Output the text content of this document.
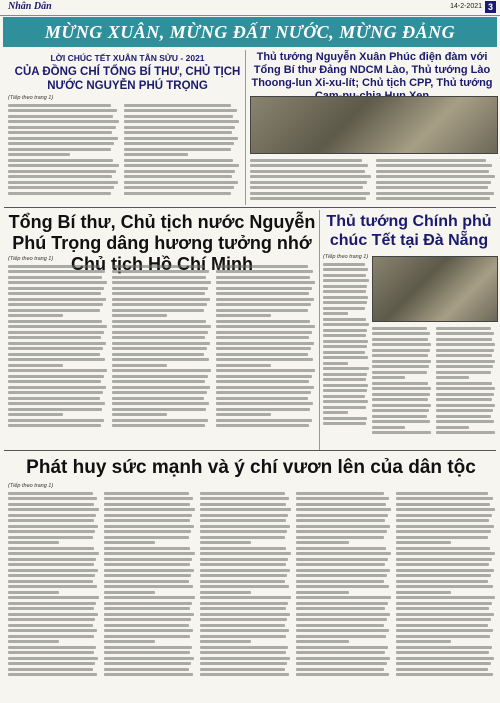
Nhân Dân	14-2-2021 3
MỪNG XUÂN, MỪNG ĐẤT NƯỚC, MỪNG ĐẢNG
LỜI CHÚC TẾT XUÂN TÂN SỬU - 2021
CỦA ĐỒNG CHÍ TỔNG BÍ THƯ, CHỦ TỊCH NƯỚC NGUYỄN PHÚ TRỌNG
(Tiếp theo trang 1)
Thủ tướng Nguyễn Xuân Phúc điện đàm với Tổng Bí thư Đảng NDCM Lào, Thủ tướng Lào Thoong-lun Xi-xu-lít; Chủ tịch CPP, Thủ tướng
Tổng Bí thư, Chủ tịch nước Nguyễn Phú Trọng dâng hương tưởng nhớ
(Tiếp theo trang 1)
Thủ tướng Chính phủ chúc Tết tại Đà Nẵng
(Tiếp theo trang 1)
Phát huy sức mạnh và ý chí vươn lên của dân tộc
(Tiếp theo trang 1)
